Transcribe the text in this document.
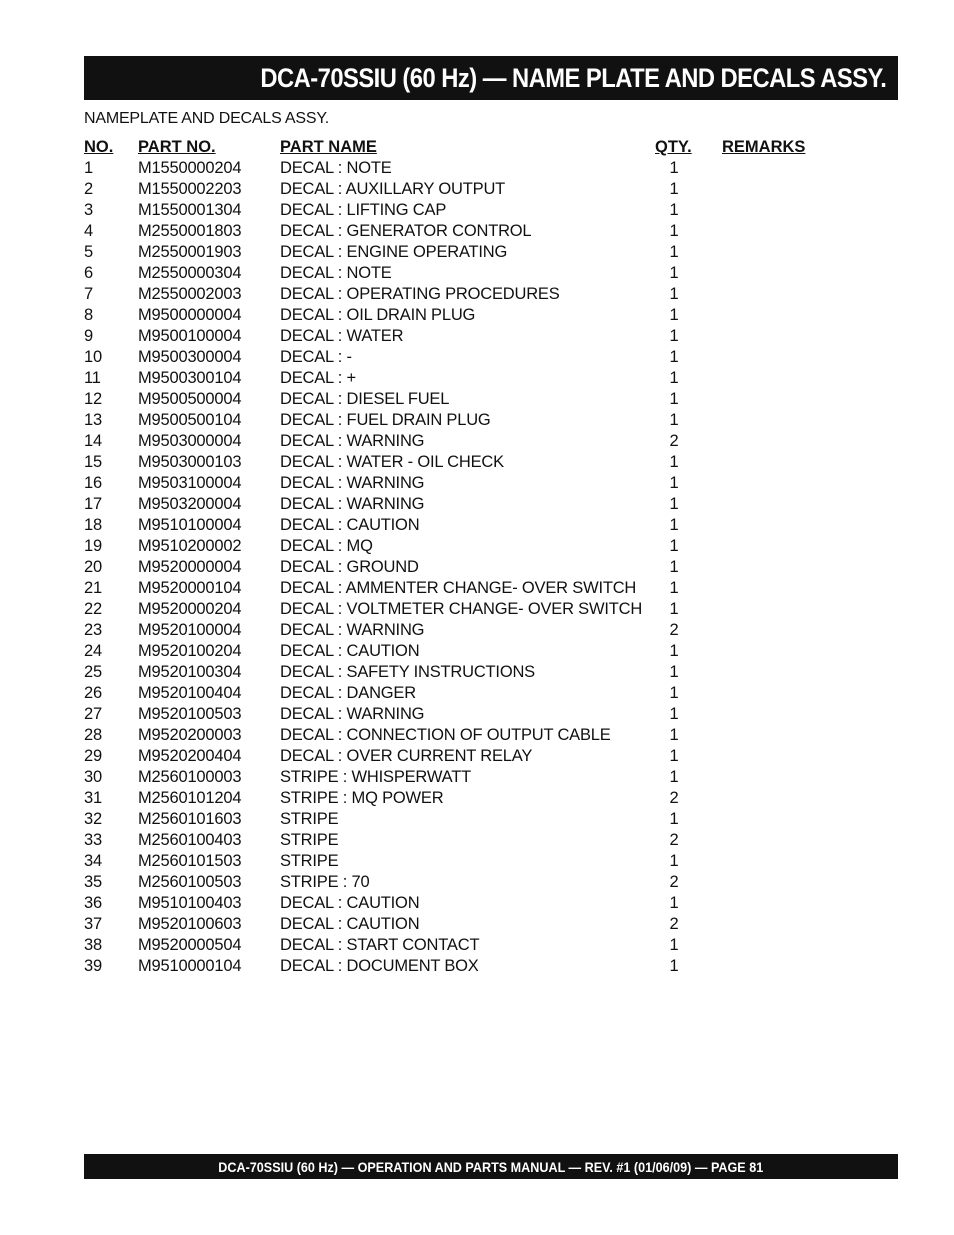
DCA-70SSIU (60 Hz) — NAME PLATE AND DECALS ASSY.
NAMEPLATE AND DECALS ASSY.
NO. PART NO.	PART NAME	QTY. REMARKS
1	M1550000204 DECAL : NOTE	1
2	M1550002203 DECAL : AUXILLARY OUTPUT	1
3	M1550001304 DECAL : LIFTING CAP	1
4	M2550001803 DECAL : GENERATOR CONTROL	1
5	M2550001903 DECAL : ENGINE OPERATING	1
6	M2550000304 DECAL : NOTE	1
7	M2550002003 DECAL : OPERATING PROCEDURES	1
8	M9500000004 DECAL : OIL DRAIN PLUG	1
9	M9500100004 DECAL : WATER	1
10 M9500300004 DECAL : -	1
11 M9500300104 DECAL : +	1
12 M9500500004 DECAL : DIESEL FUEL	1
13 M9500500104 DECAL : FUEL DRAIN PLUG	1
14 M9503000004 DECAL : WARNING	2
15 M9503000103 DECAL : WATER - OIL CHECK	1
16 M9503100004 DECAL : WARNING	1
17 M9503200004 DECAL : WARNING	1
18 M9510100004 DECAL : CAUTION	1
19 M9510200002 DECAL : MQ	1
20 M9520000004 DECAL : GROUND	1
21 M9520000104 DECAL : AMMENTER CHANGE- OVER SWITCH	1
22 M9520000204 DECAL : VOLTMETER CHANGE- OVER SWITCH	1
23 M9520100004 DECAL : WARNING	2
24 M9520100204 DECAL : CAUTION	1
25 M9520100304 DECAL : SAFETY INSTRUCTIONS	1
26 M9520100404 DECAL : DANGER	1
27 M9520100503 DECAL : WARNING	1
28 M9520200003 DECAL : CONNECTION OF OUTPUT CABLE	1
29 M9520200404 DECAL : OVER CURRENT RELAY	1
30 M2560100003 STRIPE : WHISPERWATT	1
31 M2560101204 STRIPE : MQ POWER	2
32 M2560101603 STRIPE	1
33 M2560100403 STRIPE	2
34 M2560101503 STRIPE	1
35 M2560100503 STRIPE : 70	2
36 M9510100403 DECAL : CAUTION	1
37 M9520100603 DECAL : CAUTION	2
38 M9520000504 DECAL : START CONTACT	1
39 M9510000104 DECAL : DOCUMENT BOX	1
DCA-70SSIU (60 Hz) — OPERATION AND PARTS MANUAL — REV. #1 (01/06/09) — PAGE 81
